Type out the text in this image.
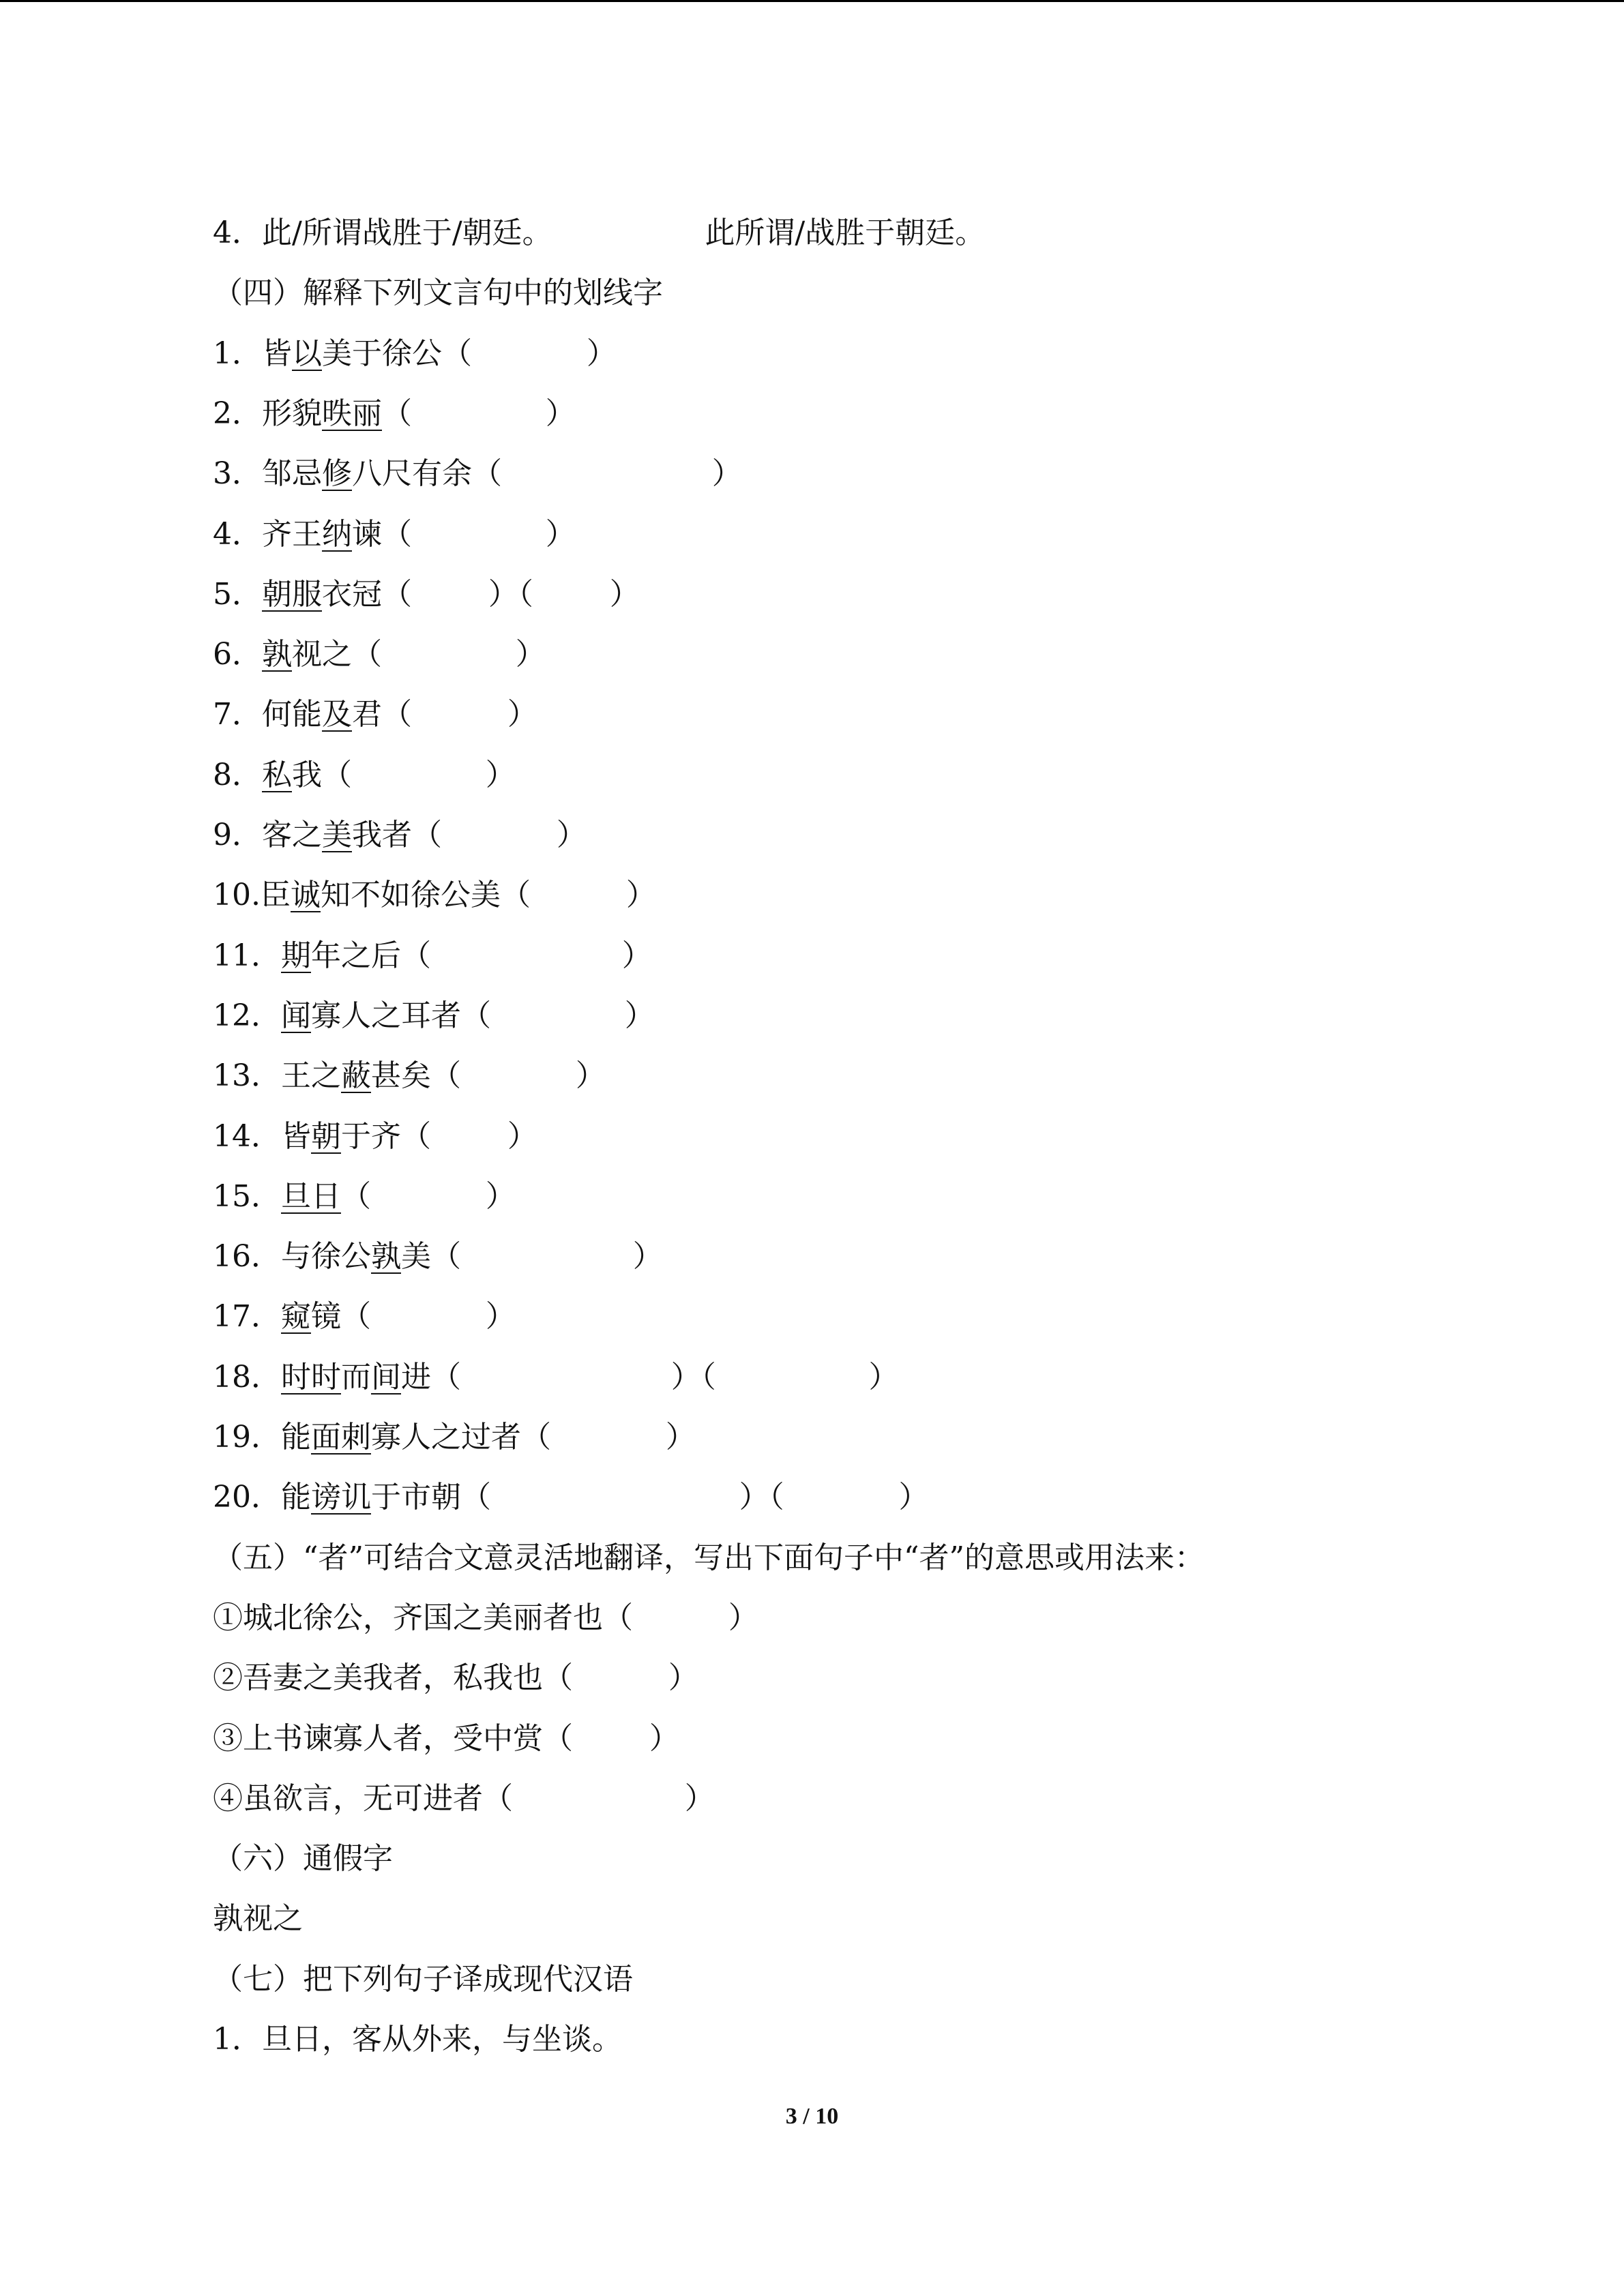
4．此/所谓战胜于/朝廷。                此所谓/战胜于朝廷。
（四）解释下列文言句中的划线字
1．皆以美于徐公（            ）
2．形貌昳丽（              ）
3．邹忌修八尺有余（                      ）
4．齐王纳谏（              ）
5．朝服衣冠（        ）（        ）
6．孰视之（              ）
7．何能及君（          ）
8．私我（              ）
9．客之美我者（            ）
10.臣诚知不如徐公美（          ）
11．期年之后（                    ）
12．闻寡人之耳者（              ）
13．王之蔽甚矣（            ）
14．皆朝于齐（        ）
15．旦日（            ）
16．与徐公孰美（                  ）
17．窥镜（            ）
18．时时而间进（                      ）（                ）
19．能面刺寡人之过者（            ）
20．能谤讥于市朝（                          ）（            ）
（五）“者”可结合文意灵活地翻译，写出下面句子中“者”的意思或用法来：
①城北徐公，齐国之美丽者也（          ）
②吾妻之美我者，私我也（          ）
③上书谏寡人者，受中赏（        ）
④虽欲言，无可进者（                  ）
（六）通假字
孰视之
（七）把下列句子译成现代汉语
1．旦日，客从外来，与坐谈。
3 / 10
